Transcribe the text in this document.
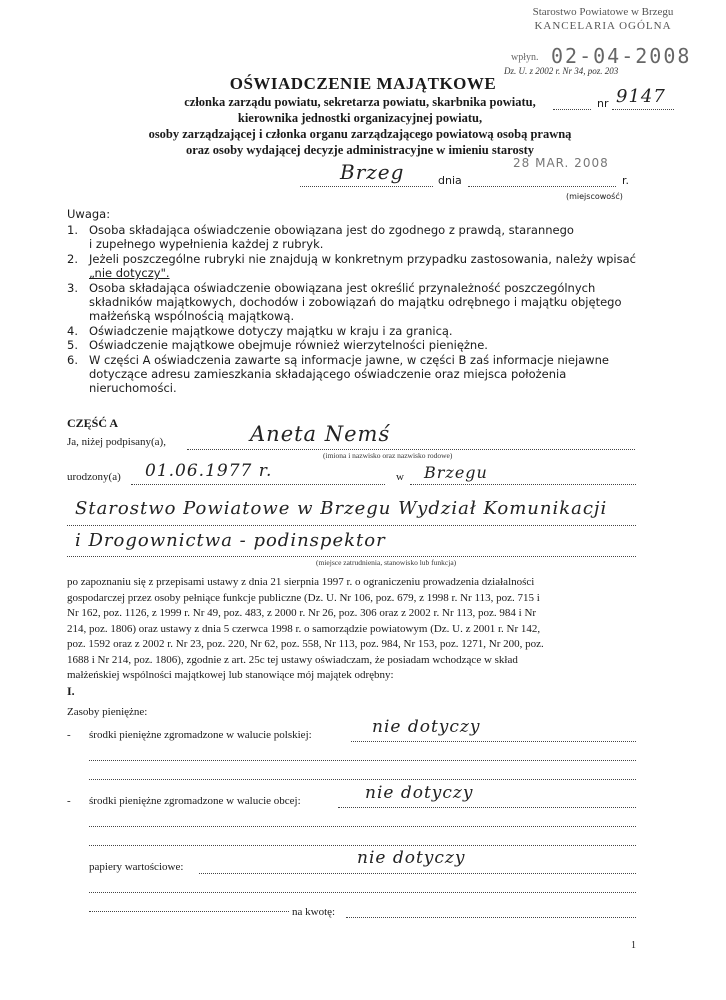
Starostwo Powiatowe w Brzegu
KANCELARIA OGÓLNA
wpłyn. 02-04-2008
Dz. U. z 2002 r. Nr 34, poz. 203
OŚWIADCZENIE MAJĄTKOWE
członka zarządu powiatu, sekretarza powiatu, skarbnika powiatu,
kierownika jednostki organizacyjnej powiatu,
osoby zarządzającej i członka organu zarządzającego powiatową osobą prawną
oraz osoby wydającej decyzje administracyjne w imieniu starosty
nr 9147
Brzeg	dnia
28 MAR. 2008
r.
(miejscowość)
Uwaga:
1. Osoba składająca oświadczenie obowiązana jest do zgodnego z prawdą, starannego
i zupełnego wypełnienia każdej z rubryk.
2. Jeżeli poszczególne rubryki nie znajdują w konkretnym przypadku zastosowania, należy wpisać
„nie dotyczy".
3. Osoba składająca oświadczenie obowiązana jest określić przynależność poszczególnych
składników majątkowych, dochodów i zobowiązań do majątku odrębnego i majątku objętego
małżeńską wspólnością majątkową.
4. Oświadczenie majątkowe dotyczy majątku w kraju i za granicą.
5. Oświadczenie majątkowe obejmuje również wierzytelności pieniężne.
6. W części A oświadczenia zawarte są informacje jawne, w części B zaś informacje niejawne
dotyczące adresu zamieszkania składającego oświadczenie oraz miejsca położenia
nieruchomości.
CZĘŚĆ A
Ja, niżej podpisany(a),	Aneta Nemś
(imiona i nazwisko oraz nazwisko rodowe)
urodzony(a) 01.06.1977 r.	w Brzegu
Starostwo Powiatowe w Brzegu Wydział Komunikacji
i Drogownictwa - podinspektor
(miejsce zatrudnienia, stanowisko lub funkcja)
po zapoznaniu się z przepisami ustawy z dnia 21 sierpnia 1997 r. o ograniczeniu prowadzenia działalności
gospodarczej przez osoby pełniące funkcje publiczne (Dz. U. Nr 106, poz. 679, z 1998 r. Nr 113, poz. 715 i
Nr 162, poz. 1126, z 1999 r. Nr 49, poz. 483, z 2000 r. Nr 26, poz. 306 oraz z 2002 r. Nr 113, poz. 984 i Nr
214, poz. 1806) oraz ustawy z dnia 5 czerwca 1998 r. o samorządzie powiatowym (Dz. U. z 2001 r. Nr 142,
poz. 1592 oraz z 2002 r. Nr 23, poz. 220, Nr 62, poz. 558, Nr 113, poz. 984, Nr 153, poz. 1271, Nr 200, poz.
1688 i Nr 214, poz. 1806), zgodnie z art. 25c tej ustawy oświadczam, że posiadam wchodzące w skład
małżeńskiej wspólności majątkowej lub stanowiące mój majątek odrębny:
I.
Zasoby pieniężne:
- środki pieniężne zgromadzone w walucie polskiej:	nie dotyczy
- środki pieniężne zgromadzone w walucie obcej:	nie dotyczy
papiery wartościowe:	nie dotyczy
na kwotę:
1
